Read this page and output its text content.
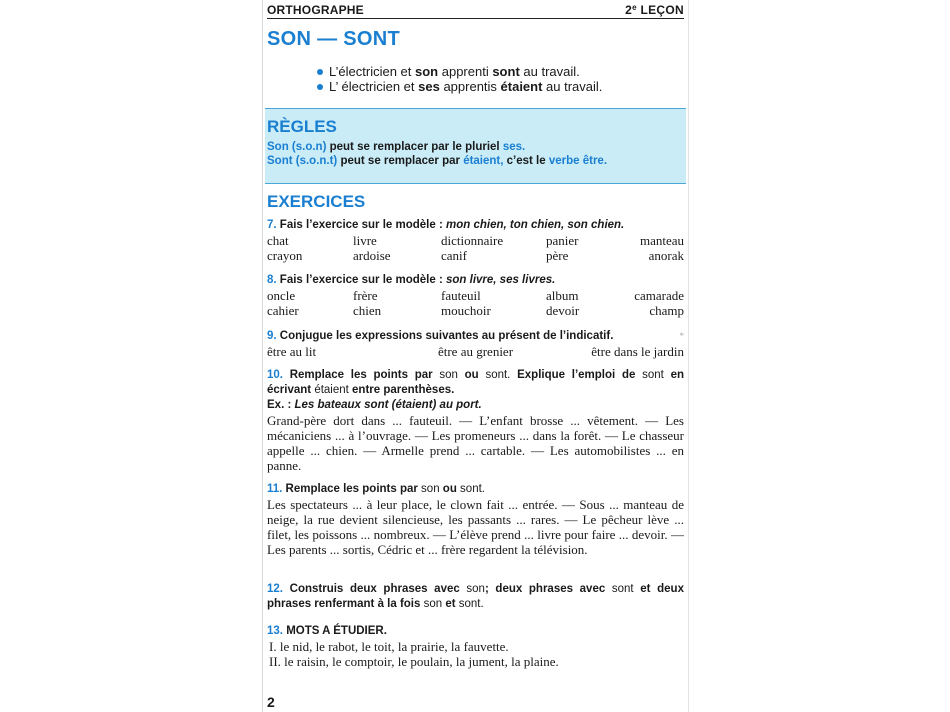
ORTHOGRAPHE	2e LEÇON
SON — SONT
L’électricien et son apprenti sont au travail.
L’ électricien et ses apprentis étaient au travail.
RÈGLES
Son (s.o.n) peut se remplacer par le pluriel ses.
Sont (s.o.n.t) peut se remplacer par étaient, c’est le verbe être.
EXERCICES
7. Fais l’exercice sur le modèle : mon chien, ton chien, son chien.
chat	livre	dictionnaire	panier	manteau
crayon	ardoise	canif	père	anorak
8. Fais l’exercice sur le modèle : son livre, ses livres.
oncle	frère	fauteuil	album	camarade
cahier	chien	mouchoir	devoir	champ
9. Conjugue les expressions suivantes au présent de l’indicatif.
être au lit	être au grenier	être dans le jardin
*
10. Remplace les points par son ou sont. Explique l’emploi de sont en écrivant étaient entre parenthèses.
Ex. : Les bateaux sont (étaient) au port.
Grand-père dort dans ... fauteuil. — L’enfant brosse ... vêtement. — Les mécaniciens ... à l’ouvrage. — Les promeneurs ... dans la forêt. — Le chasseur appelle ... chien. — Armelle prend ... cartable. — Les automobilistes ... en panne.
11. Remplace les points par son ou sont.
Les spectateurs ... à leur place, le clown fait ... entrée. — Sous ... manteau de neige, la rue devient silencieuse, les passants ... rares. — Le pêcheur lève ... filet, les poissons ... nombreux. — L’élève prend ... livre pour faire ... devoir. — Les parents ... sortis, Cédric et ... frère regardent la télévision.
12. Construis deux phrases avec son; deux phrases avec sont et deux phrases renfermant à la fois son et sont.
13. MOTS A ÉTUDIER.
I. le nid, le rabot, le toit, la prairie, la fauvette.
II. le raisin, le comptoir, le poulain, la jument, la plaine.
2
